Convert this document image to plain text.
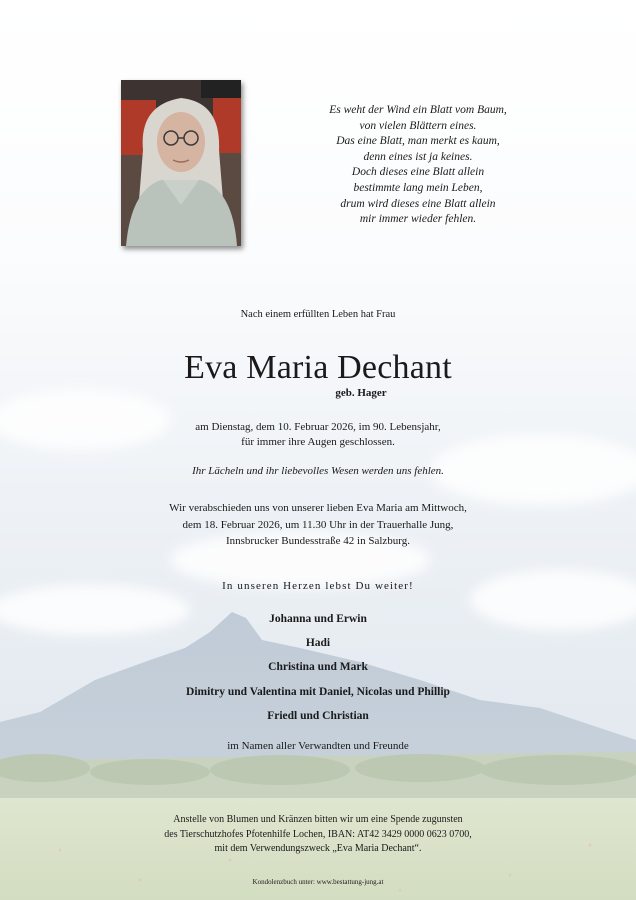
Es weht der Wind ein Blatt vom Baum,
von vielen Blättern eines.
Das eine Blatt, man merkt es kaum,
denn eines ist ja keines.
Doch dieses eine Blatt allein
bestimmte lang mein Leben,
drum wird dieses eine Blatt allein
mir immer wieder fehlen.
Nach einem erfüllten Leben hat Frau
Eva Maria Dechant
geb. Hager
am Dienstag, dem 10. Februar 2026, im 90. Lebensjahr,
für immer ihre Augen geschlossen.
Ihr Lächeln und ihr liebevolles Wesen werden uns fehlen.
Wir verabschieden uns von unserer lieben Eva Maria am Mittwoch,
dem 18. Februar 2026, um 11.30 Uhr in der Trauerhalle Jung,
Innsbrucker Bundesstraße 42 in Salzburg.
In unseren Herzen lebst Du weiter!
Johanna und Erwin
Hadi
Christina und Mark
Dimitry und Valentina mit Daniel, Nicolas und Phillip
Friedl und Christian
im Namen aller Verwandten und Freunde
Anstelle von Blumen und Kränzen bitten wir um eine Spende zugunsten
des Tierschutzhofes Pfotenhilfe Lochen, IBAN: AT42 3429 0000 0623 0700,
mit dem Verwendungszweck „Eva Maria Dechant“.
Kondolenzbuch unter: www.bestattung-jung.at
